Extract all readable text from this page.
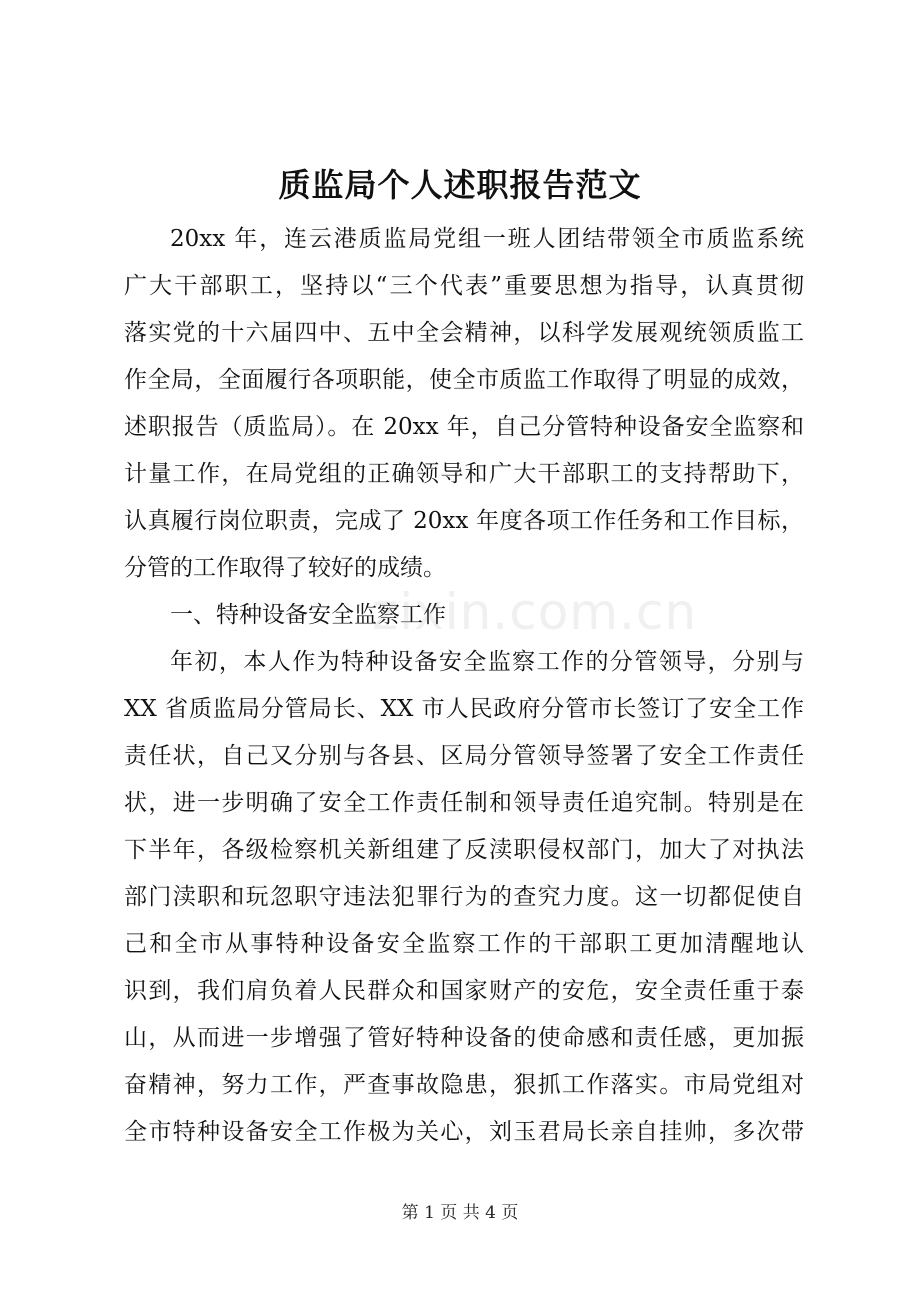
质监局个人述职报告范文
20xx 年，连云港质监局党组一班人团结带领全市质监系统
广大干部职工，坚持以“三个代表”重要思想为指导，认真贯彻
落实党的十六届四中、五中全会精神，以科学发展观统领质监工
作全局，全面履行各项职能，使全市质监工作取得了明显的成效，
述职报告（质监局）。在 20xx 年，自己分管特种设备安全监察和
计量工作，在局党组的正确领导和广大干部职工的支持帮助下，
认真履行岗位职责，完成了 20xx 年度各项工作任务和工作目标，
分管的工作取得了较好的成绩。
一、特种设备安全监察工作
年初，本人作为特种设备安全监察工作的分管领导，分别与
XX 省质监局分管局长、XX 市人民政府分管市长签订了安全工作
责任状，自己又分别与各县、区局分管领导签署了安全工作责任
状，进一步明确了安全工作责任制和领导责任追究制。特别是在
下半年，各级检察机关新组建了反渎职侵权部门，加大了对执法
部门渎职和玩忽职守违法犯罪行为的查究力度。这一切都促使自
己和全市从事特种设备安全监察工作的干部职工更加清醒地认
识到，我们肩负着人民群众和国家财产的安危，安全责任重于泰
山，从而进一步增强了管好特种设备的使命感和责任感，更加振
奋精神，努力工作，严查事故隐患，狠抓工作落实。市局党组对
全市特种设备安全工作极为关心，刘玉君局长亲自挂帅，多次带
zixin.com.cn
第 1 页 共 4 页
